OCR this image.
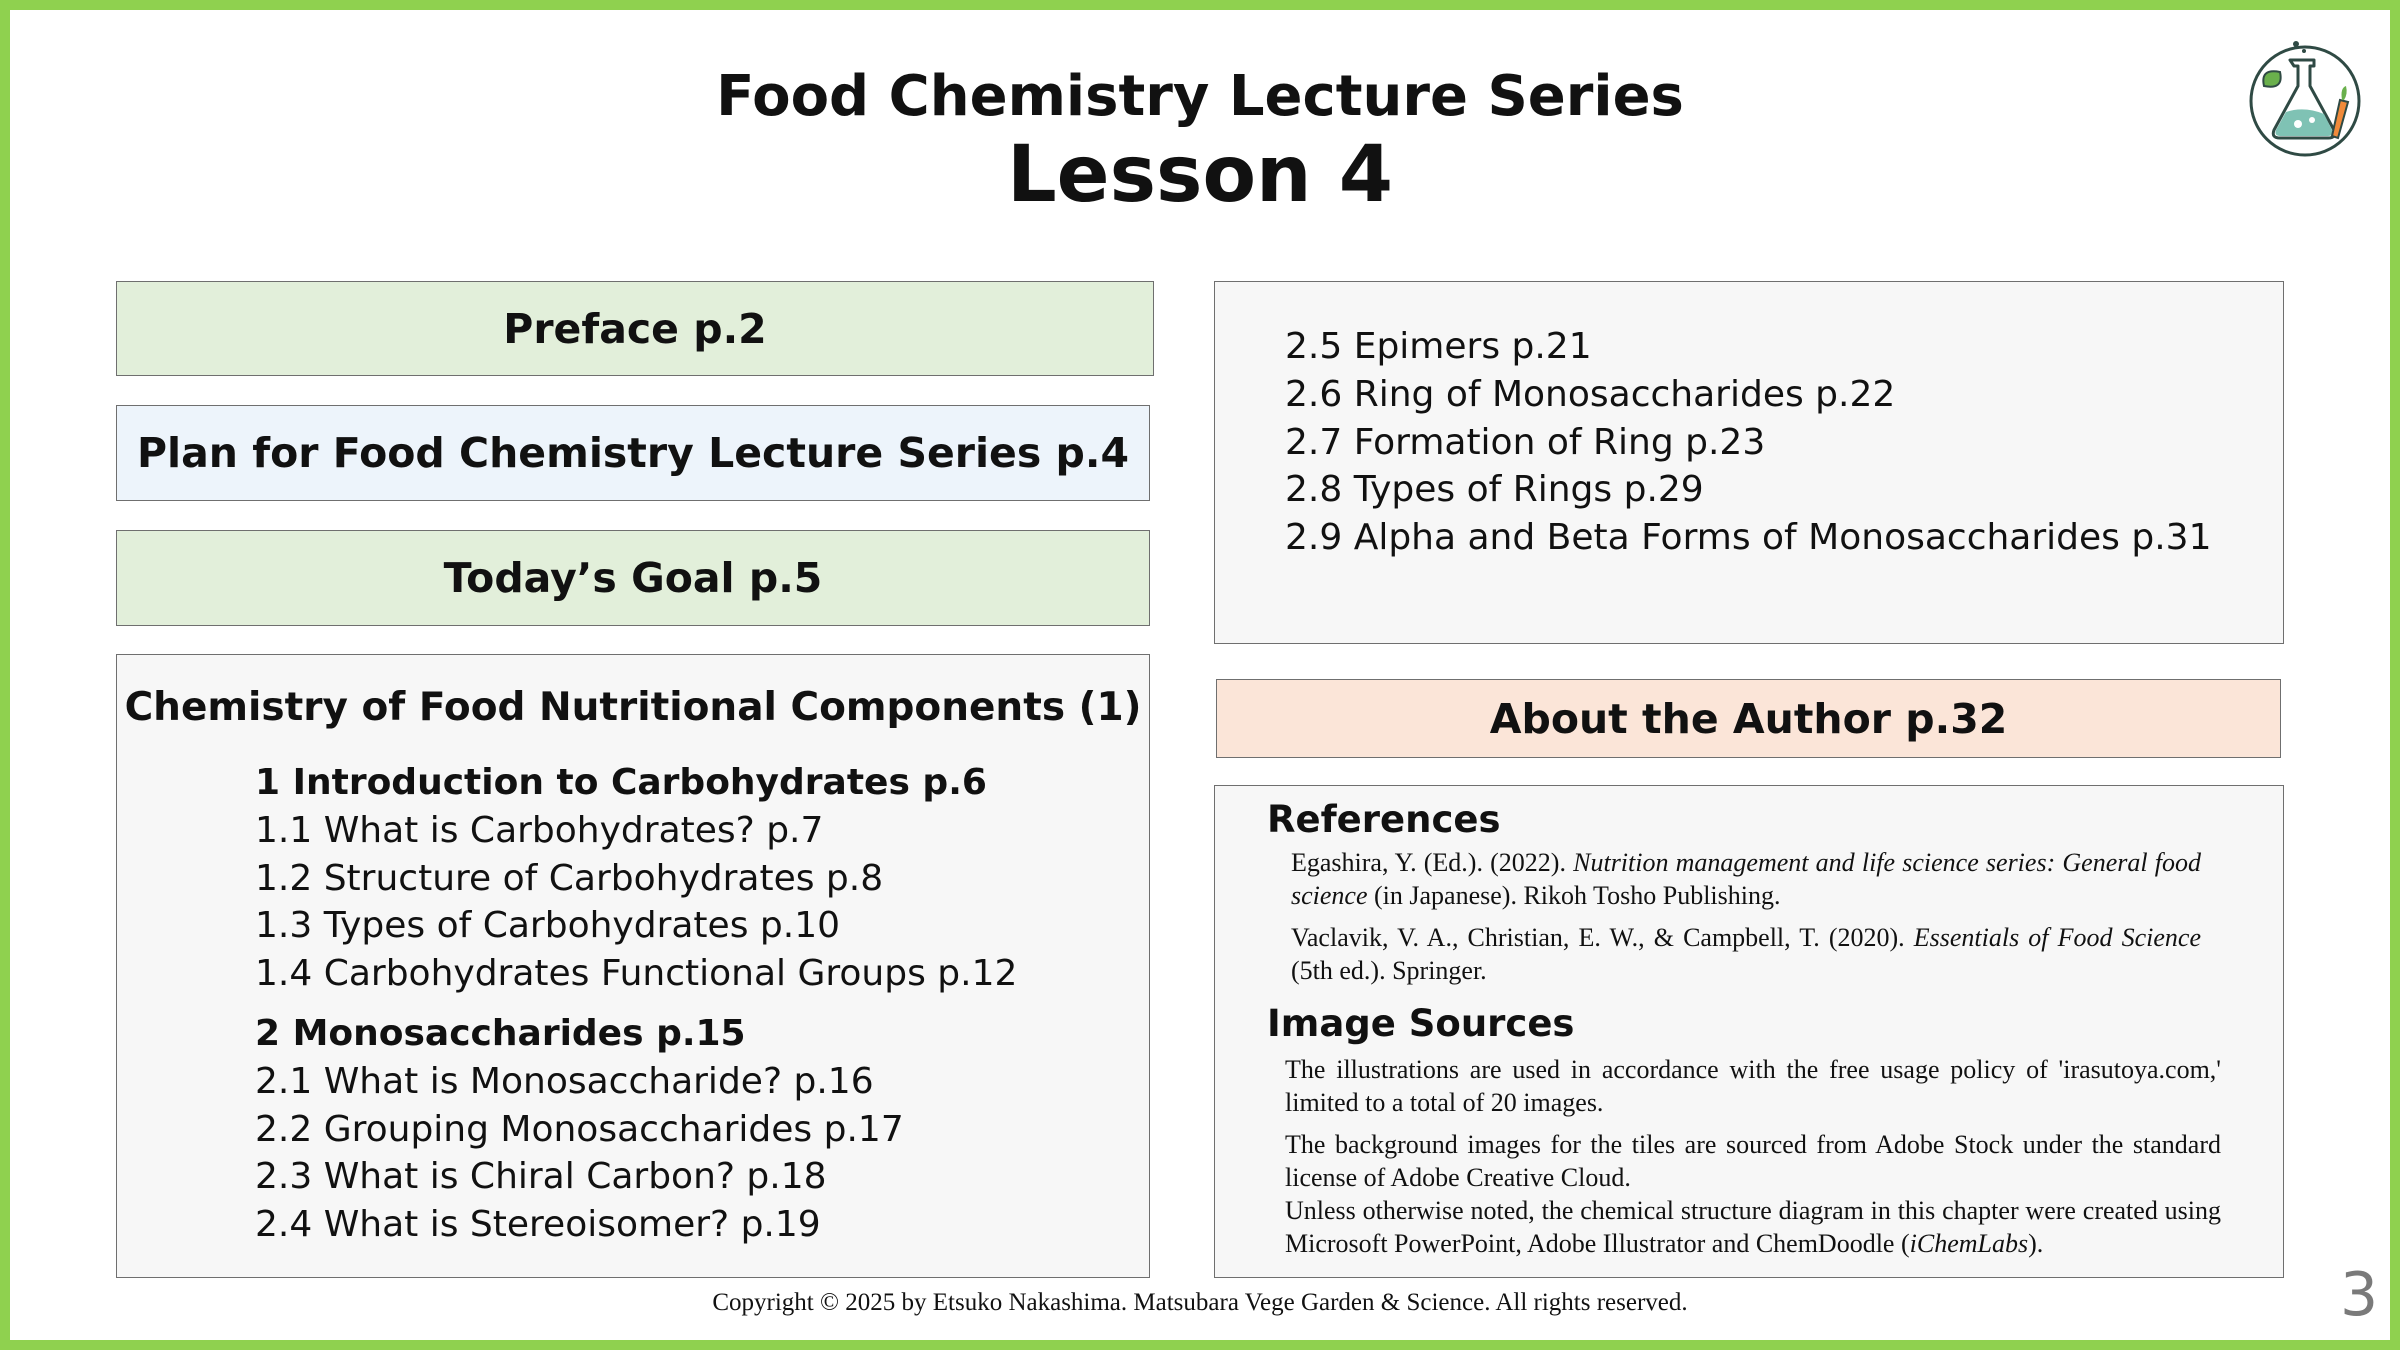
Food Chemistry Lecture Series
Lesson 4
Preface p.2
Plan for Food Chemistry Lecture Series p.4
Today’s Goal p.5
Chemistry of Food Nutritional Components (1)
1 Introduction to Carbohydrates p.6
1.1 What is Carbohydrates? p.7
1.2 Structure of Carbohydrates p.8
1.3 Types of Carbohydrates p.10
1.4 Carbohydrates Functional Groups p.12
2 Monosaccharides p.15
2.1 What is Monosaccharide? p.16
2.2 Grouping Monosaccharides p.17
2.3 What is Chiral Carbon? p.18
2.4 What is Stereoisomer? p.19
2.5 Epimers p.21
2.6 Ring of Monosaccharides p.22
2.7 Formation of Ring p.23
2.8 Types of Rings p.29
2.9 Alpha and Beta Forms of Monosaccharides p.31
About the Author p.32
References
Egashira, Y. (Ed.). (2022). Nutrition management and life science series: General food science (in Japanese). Rikoh Tosho Publishing.
Vaclavik, V. A., Christian, E. W., & Campbell, T. (2020). Essentials of Food Science (5th ed.). Springer.
Image Sources

The illustrations are used in accordance with the free usage policy of 'irasutoya.com,' limited to a total of 20 images.

The background images for the tiles are sourced from Adobe Stock under the standard license of Adobe Creative Cloud.

Unless otherwise noted, the chemical structure diagram in this chapter were created using Microsoft PowerPoint, Adobe Illustrator and ChemDoodle (iChemLabs).

Copyright © 2025 by Etsuko Nakashima. Matsubara Vege Garden & Science. All rights reserved.	3
